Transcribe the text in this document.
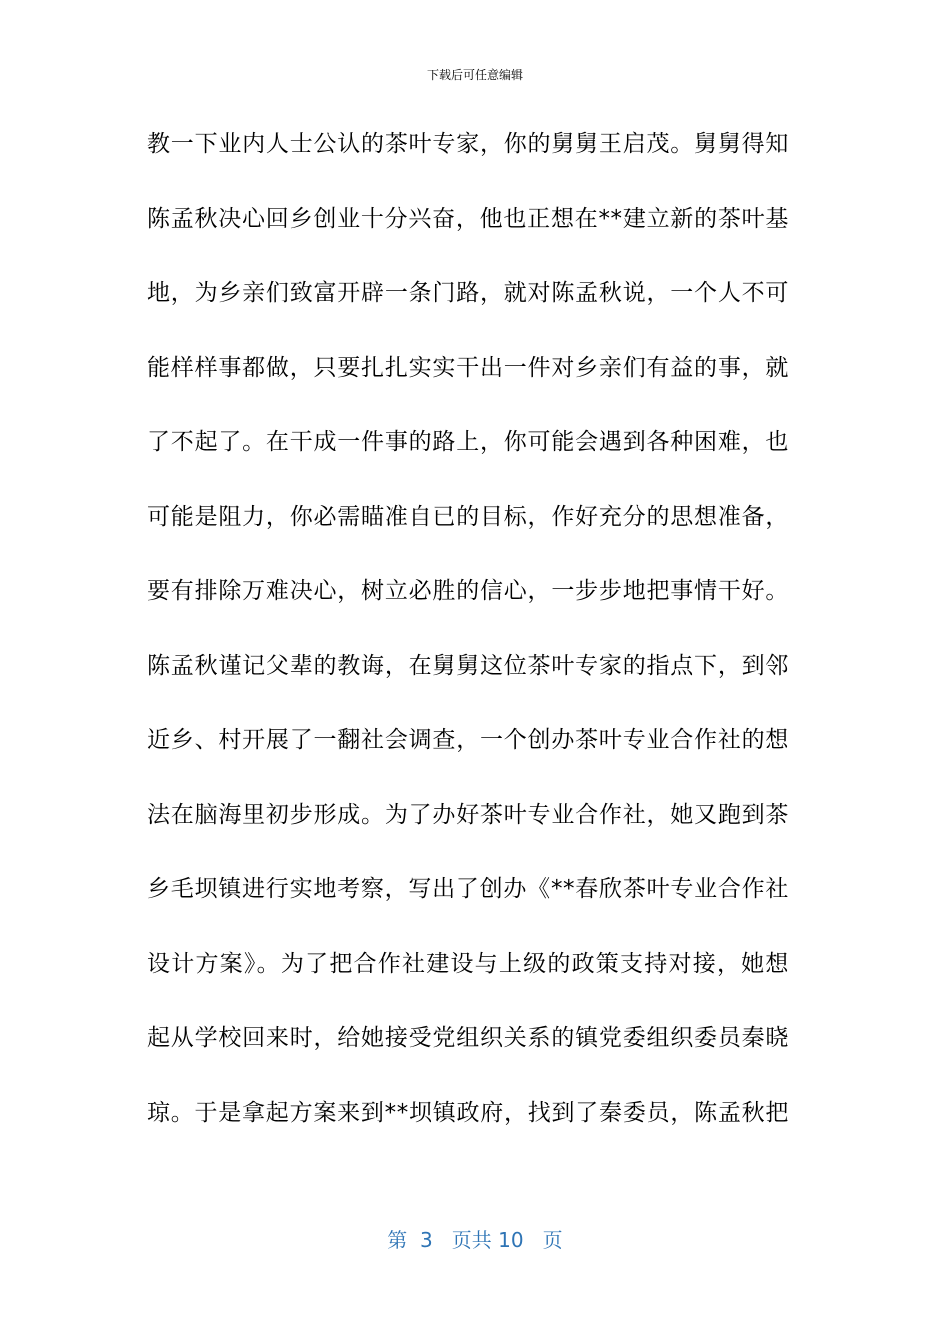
下载后可任意编辑
教一下业内人士公认的茶叶专家，你的舅舅王启茂。舅舅得知
陈孟秋决心回乡创业十分兴奋，他也正想在**建立新的茶叶基
地，为乡亲们致富开辟一条门路，就对陈孟秋说，一个人不可
能样样事都做，只要扎扎实实干出一件对乡亲们有益的事，就
了不起了。在干成一件事的路上，你可能会遇到各种困难，也
可能是阻力，你必需瞄准自已的目标，作好充分的思想准备，
要有排除万难决心，树立必胜的信心，一步步地把事情干好。
陈孟秋谨记父辈的教诲，在舅舅这位茶叶专家的指点下，到邻
近乡、村开展了一翻社会调查，一个创办茶叶专业合作社的想
法在脑海里初步形成。为了办好茶叶专业合作社，她又跑到茶
乡毛坝镇进行实地考察，写出了创办《**春欣茶叶专业合作社
设计方案》。为了把合作社建设与上级的政策支持对接，她想
起从学校回来时，给她接受党组织关系的镇党委组织委员秦晓
琼。于是拿起方案来到**坝镇政府，找到了秦委员，陈孟秋把
第  3   页共 10   页
